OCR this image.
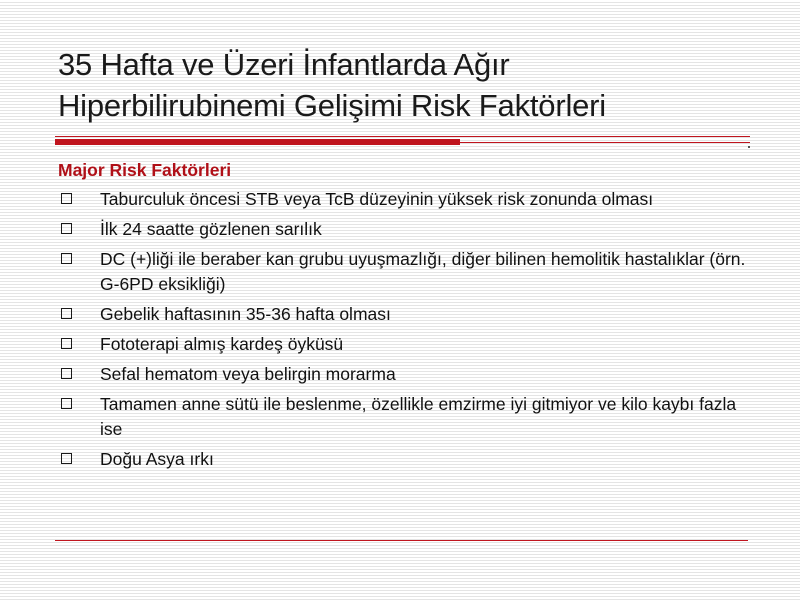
35 Hafta ve Üzeri İnfantlarda Ağır
Hiperbilirubinemi Gelişimi Risk Faktörleri
Major Risk Faktörleri
Taburculuk öncesi STB veya TcB düzeyinin yüksek risk zonunda olması
İlk 24 saatte gözlenen sarılık
DC (+)liği ile beraber kan grubu uyuşmazlığı, diğer bilinen hemolitik hastalıklar (örn. G-6PD eksikliği)
Gebelik haftasının 35-36 hafta olması
Fototerapi almış kardeş öyküsü
Sefal hematom veya belirgin morarma
Tamamen anne sütü ile beslenme, özellikle emzirme iyi gitmiyor ve kilo kaybı fazla ise
Doğu Asya ırkı
